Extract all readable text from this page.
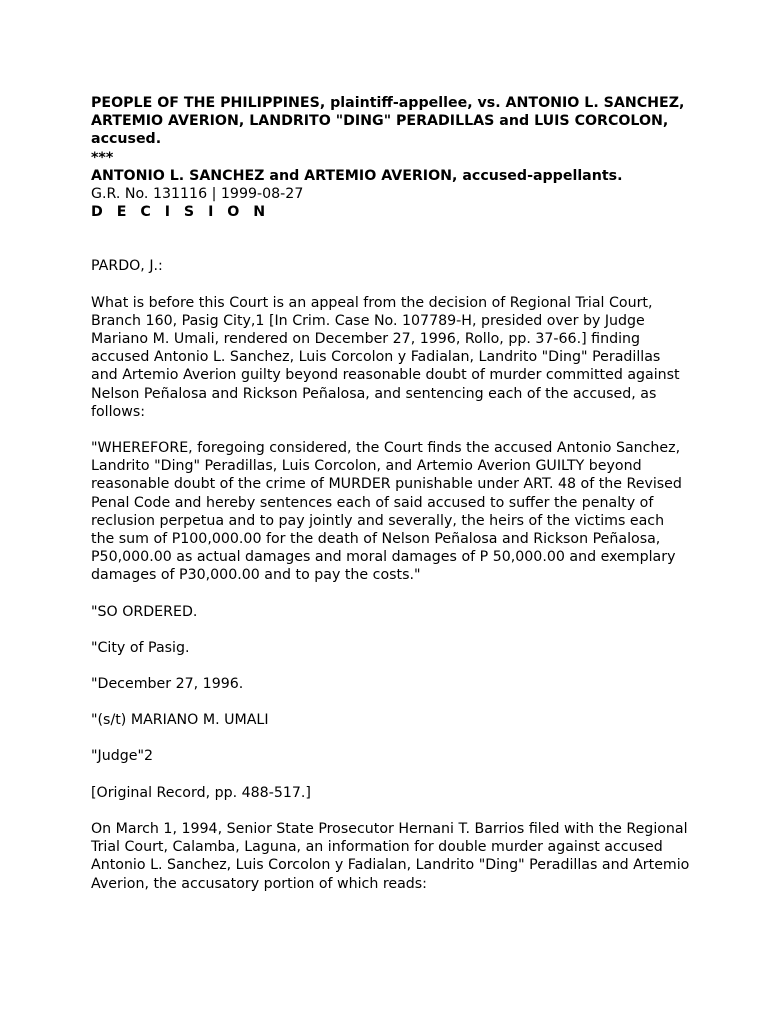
PEOPLE OF THE PHILIPPINES, plaintiff-appellee, vs. ANTONIO L. SANCHEZ, ARTEMIO AVERION, LANDRITO "DING" PERADILLAS and LUIS CORCOLON, accused.
***
ANTONIO L. SANCHEZ and ARTEMIO AVERION, accused-appellants.
G.R. No. 131116 | 1999-08-27
D E C I S I O N

PARDO, J.:

What is before this Court is an appeal from the decision of Regional Trial Court, Branch 160, Pasig City,1 [In Crim. Case No. 107789-H, presided over by Judge Mariano M. Umali, rendered on December 27, 1996, Rollo, pp. 37-66.] finding accused Antonio L. Sanchez, Luis Corcolon y Fadialan, Landrito "Ding" Peradillas and Artemio Averion guilty beyond reasonable doubt of murder committed against Nelson Peñalosa and Rickson Peñalosa, and sentencing each of the accused, as follows:

"WHEREFORE, foregoing considered, the Court finds the accused Antonio Sanchez, Landrito "Ding" Peradillas, Luis Corcolon, and Artemio Averion GUILTY beyond reasonable doubt of the crime of MURDER punishable under ART. 48 of the Revised Penal Code and hereby sentences each of said accused to suffer the penalty of reclusion perpetua and to pay jointly and severally, the heirs of the victims each the sum of P100,000.00 for the death of Nelson Peñalosa and Rickson Peñalosa, P50,000.00 as actual damages and moral damages of P 50,000.00 and exemplary damages of P30,000.00 and to pay the costs."

"SO ORDERED.

"City of Pasig.

"December 27, 1996.

"(s/t) MARIANO M. UMALI

"Judge"2

[Original Record, pp. 488-517.]

On March 1, 1994, Senior State Prosecutor Hernani T. Barrios filed with the Regional Trial Court, Calamba, Laguna, an information for double murder against accused Antonio L. Sanchez, Luis Corcolon y Fadialan, Landrito "Ding" Peradillas and Artemio Averion, the accusatory portion of which reads:
